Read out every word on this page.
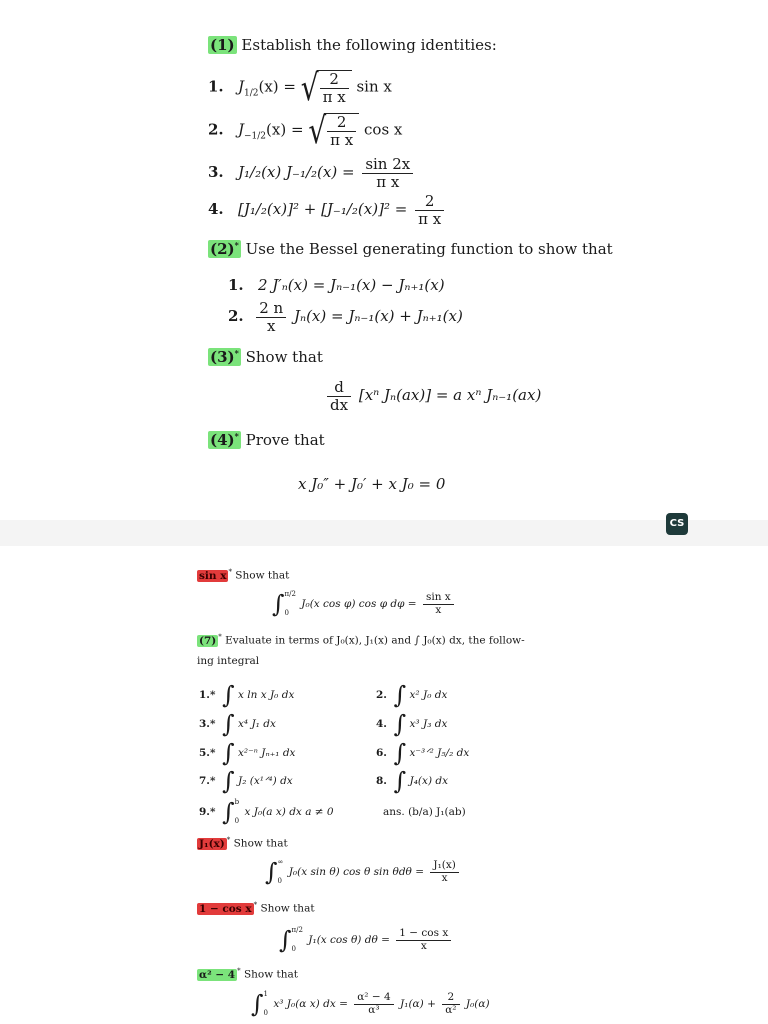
(1) Establish the following identities:
1. $J_{1/2}(x)$ = √ $\frac{2}{\text{π x}}$ sin x
2. $J_{-1/2}(x)$ = √ $\frac{2}{\text{π x}}$ cos x
3. J₁/₂(x) $J_{-1}/_2(x) = \frac{\sin 2x}{\text{π x}}$
4. $[J_1/_2(x)]^2 + [J_{-1}/_2(x)]^2 = \frac{2}{\text{π x}}$
(2)* Use the Bessel generating function to show that
1. 2 J′ₙ(x) = Jₙ₋₁(x) − Jₙ₊₁(x)
2. $\frac{2 n}{x} J_n(x) = J_{n-1}(x) + J_{n+1}(x)$
(3)* Show that
$\frac{d}{dx} [x^n$ Jₙ(ax)] = a xⁿ Jₙ₋₁(ax)
(4)* Prove that
x J₀″ + J₀′ + x J₀ = 0
CS
sin x * Show that
∫ π/2
0
J₀(x cos φ) cos φ $d\varphi = \frac{\text{sin x}}{x}$
(7) * Evaluate in terms of J₀(x), J₁(x) and ∫ J₀(x) dx, the follow-
ing integral
1.* ∫ x ln x J₀ dx	2. ∫ x² J₀ dx
3.* ∫ x⁴ J₁ dx	4. ∫ x³ J₃ dx
5.* ∫ x²⁻ⁿ Jₙ₊₁ dx	6. ∫ x⁻³ᐟ² J₅/₂ dx
7.* ∫ J₂ (x¹ᐟ⁴) dx	8. ∫ J₄(x) dx
9.* ∫ b
0
x J₀(a x) dx a ≠ 0	ans. (b/a) J₁(ab)
J₁(x) * Show that
∫ ∞
0
J₀(x sin θ) cos θ $\sin \theta d\theta = \frac{\text{J₁(x)}}{x}$
1 − cos x * Show that
∫ π/2
0
J₁(x cos θ) $d\theta = \frac{\text{1 − cos x}}{x}$
α² − 4 * Show that
∫ 1
0
x³ J₀(α x) dx = $\frac{\text{α² − 4}}{\text{α³}} J_1(\alpha) + \frac{2}{\text{α²}} J_0(\alpha)$
